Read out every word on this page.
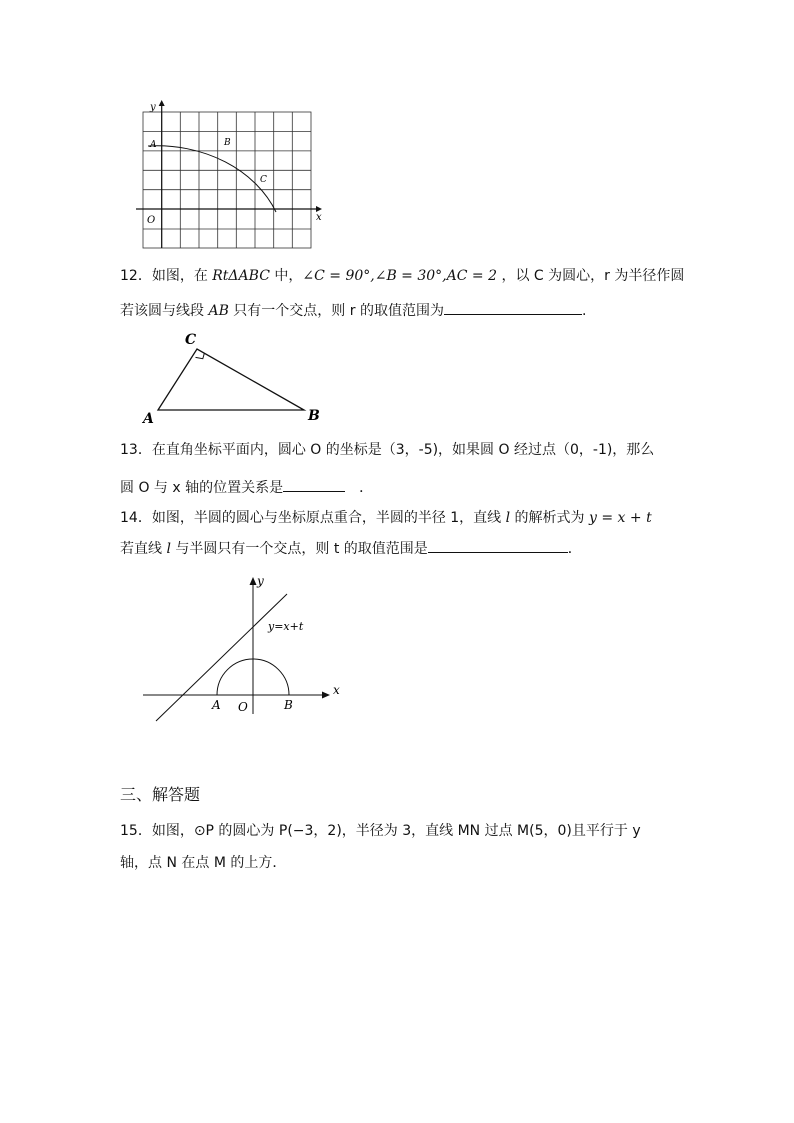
y
x
O
A	B
C
12．如图，在 RtΔABC 中，∠C = 90°,∠B = 30°,AC = 2 ，以 C 为圆心，r 为半径作圆
若该圆与线段 AB 只有一个交点，则 r 的取值范围为	.
A	B
C
13．在直角坐标平面内，圆心 O 的坐标是（3，-5)，如果圆 O 经过点（0，-1)，那么
圆 O 与 x 轴的位置关系是	．
14．如图，半圆的圆心与坐标原点重合，半圆的半径 1，直线 l 的解析式为 y = x + t
若直线 l 与半圆只有一个交点，则 t 的取值范围是	．
y
x
y=x+t
A O	B
三、解答题
15．如图，⊙P 的圆心为 P(−3，2)，半径为 3，直线 MN 过点 M(5，0)且平行于 y
轴，点 N 在点 M 的上方．
